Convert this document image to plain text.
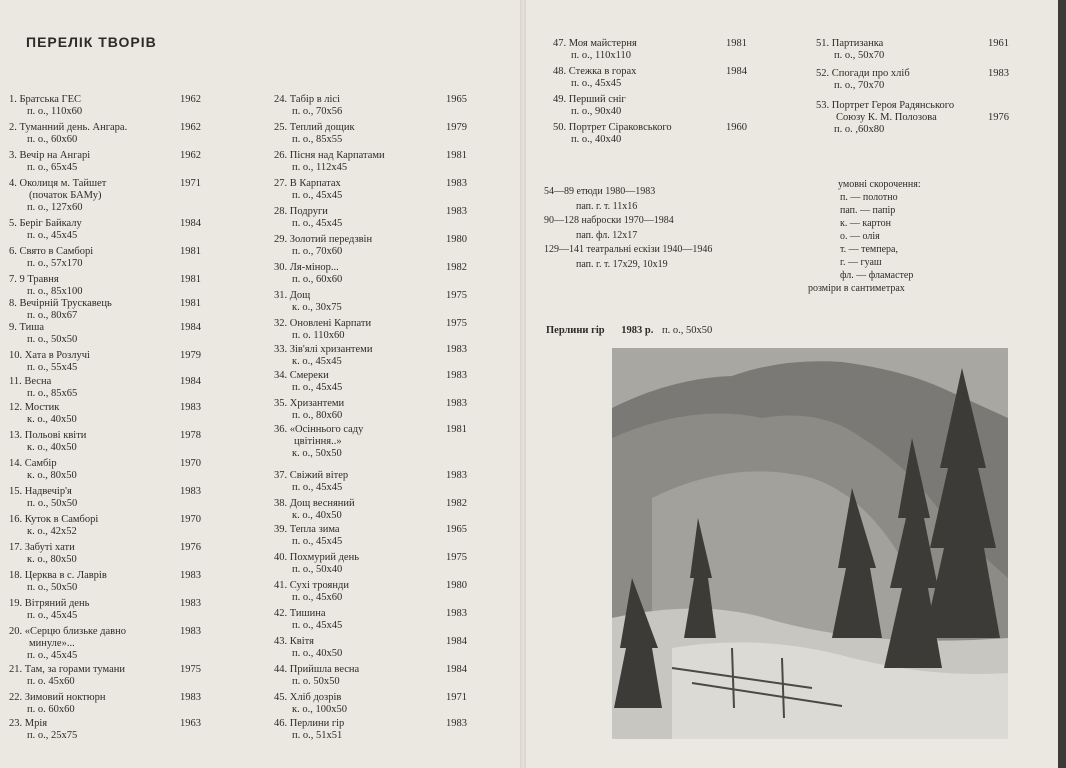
ПЕРЕЛІК ТВОРІВ
1. Братська ГЕС
п. о., 110x60
1962
2. Туманний день. Ангара.
п. о., 60x60
1962
3. Вечір на Ангарі
п. о., 65x45
1962
4. Околиця м. Тайшет
(початок БАМу)
п. о., 127x60
1971
5. Беріг Байкалу
п. о., 45x45
1984
6. Свято в Самборі
п. о., 57x170
1981
7. 9 Травня
п. о., 85x100
1981
8. Вечірній Трускавець
п. о., 80x67
1981
9. Тиша
п. о., 50x50
1984
10. Хата в Розлучі
п. о., 55x45
1979
11. Весна
п. о., 85x65
1984
12. Мостик
к. о., 40x50
1983
13. Польові квіти
к. о., 40x50
1978
14. Самбір
к. о., 80x50
1970
15. Надвечір'я
п. о., 50x50
1983
16. Куток в Самборі
к. о., 42x52
1970
17. Забуті хати
к. о., 80x50
1976
18. Церква в с. Лаврів
п. о., 50x50
1983
19. Вітряний день
п. о., 45x45
1983
20. «Серцю близьке давно
минуле»...
п. о., 45x45
1983
21. Там, за горами тумани
п. о. 45x60
1975
22. Зимовий ноктюрн
п. о. 60x60
1983
23. Мрія
п. о., 25x75
1963
24. Табір в лісі
п. о., 70x56
1965
25. Теплий дощик
п. о., 85x55
1979
26. Пісня над Карпатами
п. о., 112x45
1981
27. В Карпатах
п. о., 45x45
1983
28. Подруги
п. о., 45x45
1983
29. Золотий передзвін
п. о., 70x60
1980
30. Ля-мінор...
п. о., 60x60
1982
31. Дощ
к. о., 30x75
1975
32. Оновлені Карпати
п. о. 110x60
1975
33. Зів'ялі хризантеми
к. о., 45x45
1983
34. Смереки
п. о., 45x45
1983
35. Хризантеми
п. о., 80x60
1983
36. «Осіннього саду
цвітіння..»
к. о., 50x50
1981
37. Свіжий вітер
п. о., 45x45
1983
38. Дощ весняний
к. о., 40x50
1982
39. Тепла зима
п. о., 45x45
1965
40. Похмурий день
п. о., 50x40
1975
41. Сухі троянди
п. о., 45x60
1980
42. Тишина
п. о., 45x45
1983
43. Квітя
п. о., 40x50
1984
44. Прийшла весна
п. о. 50x50
1984
45. Хліб дозрів
к. о., 100x50
1971
46. Перлини гір
п. о., 51x51
1983
47. Моя майстерня
п. о., 110x110
1981
48. Стежка в горах
п. о., 45x45
1984
49. Перший сніг
п. о., 90x40
50. Портрет Сіраковського
п. о., 40x40
1960
51. Партизанка
п. о., 50x70
1961
52. Спогади про хліб
п. о., 70x70
1983
53. Портрет Героя Радянського
Союзу К. М. Полозова
п. о. ,60x80
1976
54—89 етюди 1980—1983
пап. г. т. 11x16
90—128 наброски 1970—1984
пап. фл. 12x17
129—141 театральні ескізи 1940—1946
пап. г. т. 17x29, 10x19
умовні скорочення:
п. — полотно
пап. — папір
к. — картон
о. — олія
т. — темпера,
г. — гуаш
фл. — фламастер
розміри в сантиметрах
Перлини гір 1983 р. п. о., 50x50
